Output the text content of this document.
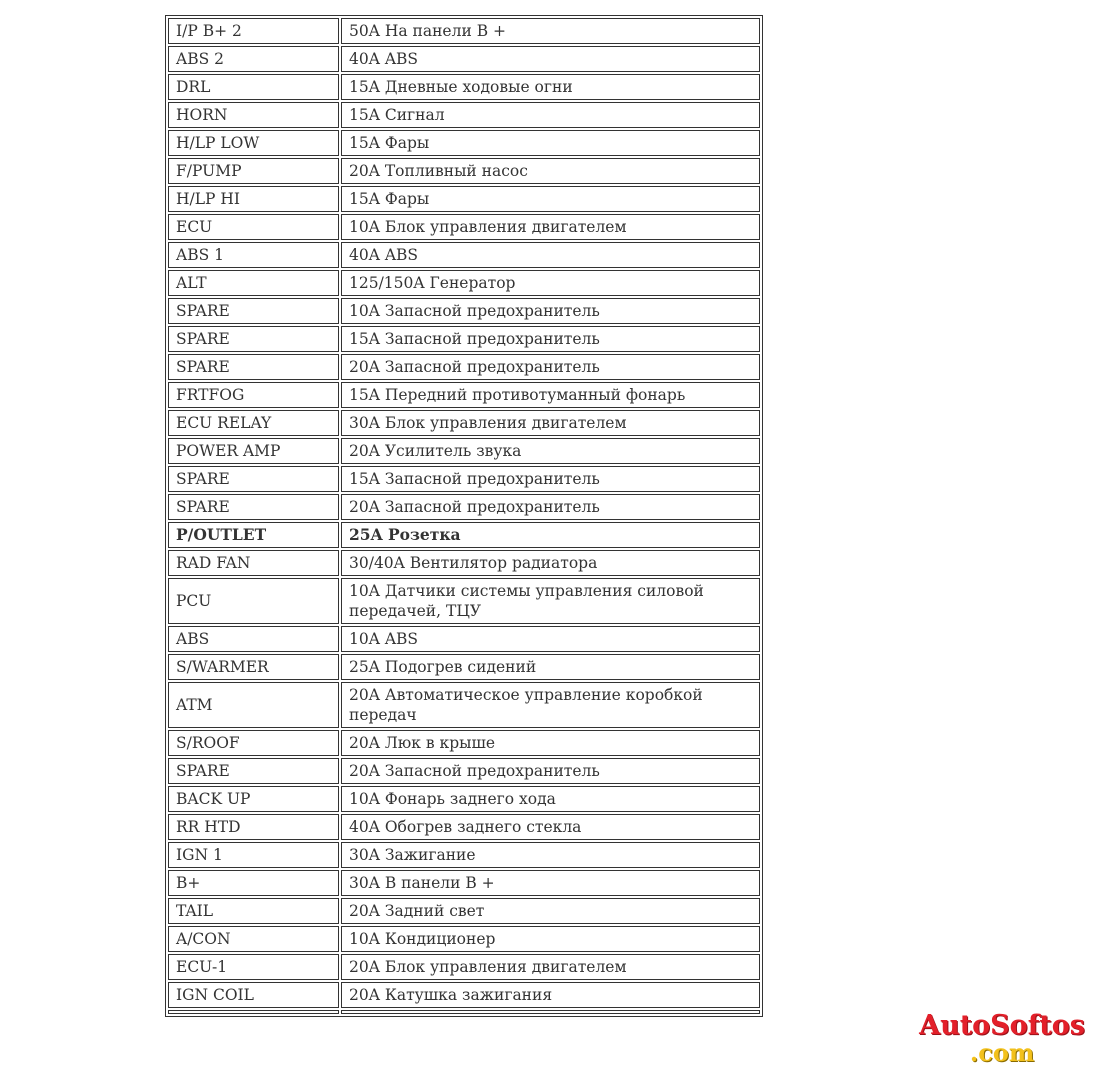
I/P B+ 2	50A На панели В +
ABS 2	40A ABS
DRL	15A Дневные ходовые огни
HORN	15A Сигнал
H/LP LOW	15A Фары
F/PUMP	20A Топливный насос
H/LP HI	15A Фары
ECU	10A Блок управления двигателем
ABS 1	40A ABS
ALT	125/150A Генератор
SPARE	10A Запасной предохранитель
SPARE	15A Запасной предохранитель
SPARE	20A Запасной предохранитель
FRTFOG	15A Передний противотуманный фонарь
ECU RELAY	30A Блок управления двигателем
POWER AMP	20A Усилитель звука
SPARE	15A Запасной предохранитель
SPARE	20A Запасной предохранитель
P/OUTLET	25A Розетка
RAD FAN	30/40A Вентилятор радиатора
PCU	10A Датчики системы управления силовой передачей, ТЦУ
ABS	10A ABS
S/WARMER	25A Подогрев сидений
ATM	20A Автоматическое управление коробкой передач
S/ROOF	20A Люк в крыше
SPARE	20A Запасной предохранитель
BACK UP	10A Фонарь заднего хода
RR HTD	40A Обогрев заднего стекла
IGN 1	30A Зажигание
B+	30A В панели В +
TAIL	20A Задний свет
A/CON	10A Кондиционер
ECU-1	20A Блок управления двигателем
IGN COIL	20A Катушка зажигания

AutoSoftos
.com
